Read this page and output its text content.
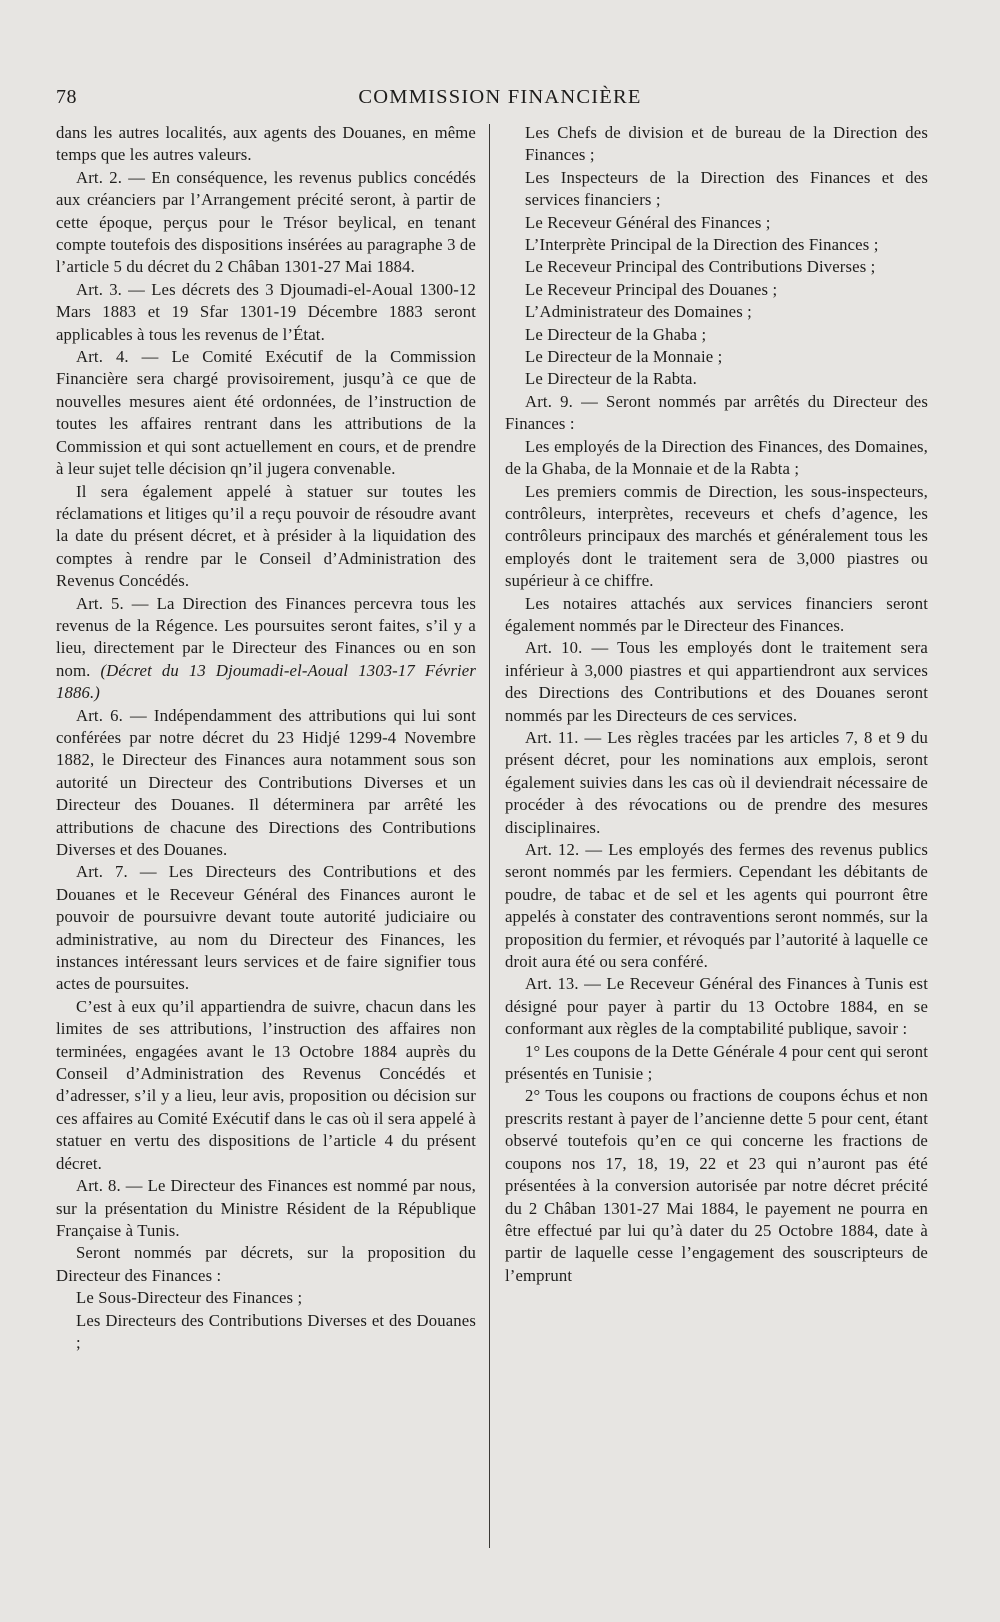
78	COMMISSION FINANCIÈRE

dans les autres localités, aux agents des Douanes, en même temps que les autres valeurs.

Art. 2. — En conséquence, les revenus publics concédés aux créanciers par l’Arrangement précité seront, à partir de cette époque, perçus pour le Trésor beylical, en tenant compte toutefois des dispositions insérées au paragraphe 3 de l’article 5 du décret du 2 Châban 1301-27 Mai 1884.

Art. 3. — Les décrets des 3 Djoumadi-el-Aoual 1300-12 Mars 1883 et 19 Sfar 1301-19 Décembre 1883 seront applicables à tous les revenus de l’État.

Art. 4. — Le Comité Exécutif de la Commission Financière sera chargé provisoirement, jusqu’à ce que de nouvelles mesures aient été ordonnées, de l’instruction de toutes les affaires rentrant dans les attributions de la Commission et qui sont actuellement en cours, et de prendre à leur sujet telle décision qn’il jugera convenable.

Il sera également appelé à statuer sur toutes les réclamations et litiges qu’il a reçu pouvoir de résoudre avant la date du présent décret, et à présider à la liquidation des comptes à rendre par le Conseil d’Administration des Revenus Concédés.

Art. 5. — La Direction des Finances percevra tous les revenus de la Régence. Les poursuites seront faites, s’il y a lieu, directement par le Directeur des Finances ou en son nom. (Décret du 13 Djoumadi-el-Aoual 1303-17 Février 1886.)

Art. 6. — Indépendamment des attributions qui lui sont conférées par notre décret du 23 Hidjé 1299-4 Novembre 1882, le Directeur des Finances aura notamment sous son autorité un Directeur des Contributions Diverses et un Directeur des Douanes. Il déterminera par arrêté les attributions de chacune des Directions des Contributions Diverses et des Douanes.

Art. 7. — Les Directeurs des Contributions et des Douanes et le Receveur Général des Finances auront le pouvoir de poursuivre devant toute autorité judiciaire ou administrative, au nom du Directeur des Finances, les instances intéressant leurs services et de faire signifier tous actes de poursuites.

C’est à eux qu’il appartiendra de suivre, chacun dans les limites de ses attributions, l’instruction des affaires non terminées, engagées avant le 13 Octobre 1884 auprès du Conseil d’Administration des Revenus Concédés et d’adresser, s’il y a lieu, leur avis, proposition ou décision sur ces affaires au Comité Exécutif dans le cas où il sera appelé à statuer en vertu des dispositions de l’article 4 du présent décret.

Art. 8. — Le Directeur des Finances est nommé par nous, sur la présentation du Ministre Résident de la République Française à Tunis.

Seront nommés par décrets, sur la proposition du Directeur des Finances :

Le Sous-Directeur des Finances ;

Les Directeurs des Contributions Diverses et des Douanes ;

Les Chefs de division et de bureau de la Direction des Finances ;

Les Inspecteurs de la Direction des Finances et des services financiers ;

Le Receveur Général des Finances ;

L’Interprète Principal de la Direction des Finances ;

Le Receveur Principal des Contributions Diverses ;

Le Receveur Principal des Douanes ;

L’Administrateur des Domaines ;

Le Directeur de la Ghaba ;

Le Directeur de la Monnaie ;

Le Directeur de la Rabta.

Art. 9. — Seront nommés par arrêtés du Directeur des Finances :

Les employés de la Direction des Finances, des Domaines, de la Ghaba, de la Monnaie et de la Rabta ;

Les premiers commis de Direction, les sous-inspecteurs, contrôleurs, interprètes, receveurs et chefs d’agence, les contrôleurs principaux des marchés et généralement tous les employés dont le traitement sera de 3,000 piastres ou supérieur à ce chiffre.

Les notaires attachés aux services financiers seront également nommés par le Directeur des Finances.

Art. 10. — Tous les employés dont le traitement sera inférieur à 3,000 piastres et qui appartiendront aux services des Directions des Contributions et des Douanes seront nommés par les Directeurs de ces services.

Art. 11. — Les règles tracées par les articles 7, 8 et 9 du présent décret, pour les nominations aux emplois, seront également suivies dans les cas où il deviendrait nécessaire de procéder à des révocations ou de prendre des mesures disciplinaires.

Art. 12. — Les employés des fermes des revenus publics seront nommés par les fermiers. Cependant les débitants de poudre, de tabac et de sel et les agents qui pourront être appelés à constater des contraventions seront nommés, sur la proposition du fermier, et révoqués par l’autorité à laquelle ce droit aura été ou sera conféré.

Art. 13. — Le Receveur Général des Finances à Tunis est désigné pour payer à partir du 13 Octobre 1884, en se conformant aux règles de la comptabilité publique, savoir :

1° Les coupons de la Dette Générale 4 pour cent qui seront présentés en Tunisie ;

2° Tous les coupons ou fractions de coupons échus et non prescrits restant à payer de l’ancienne dette 5 pour cent, étant observé toutefois qu’en ce qui concerne les fractions de coupons nos 17, 18, 19, 22 et 23 qui n’auront pas été présentées à la conversion autorisée par notre décret précité du 2 Châban 1301-27 Mai 1884, le payement ne pourra en être effectué par lui qu’à dater du 25 Octobre 1884, date à partir de laquelle cesse l’engagement des souscripteurs de l’emprunt
